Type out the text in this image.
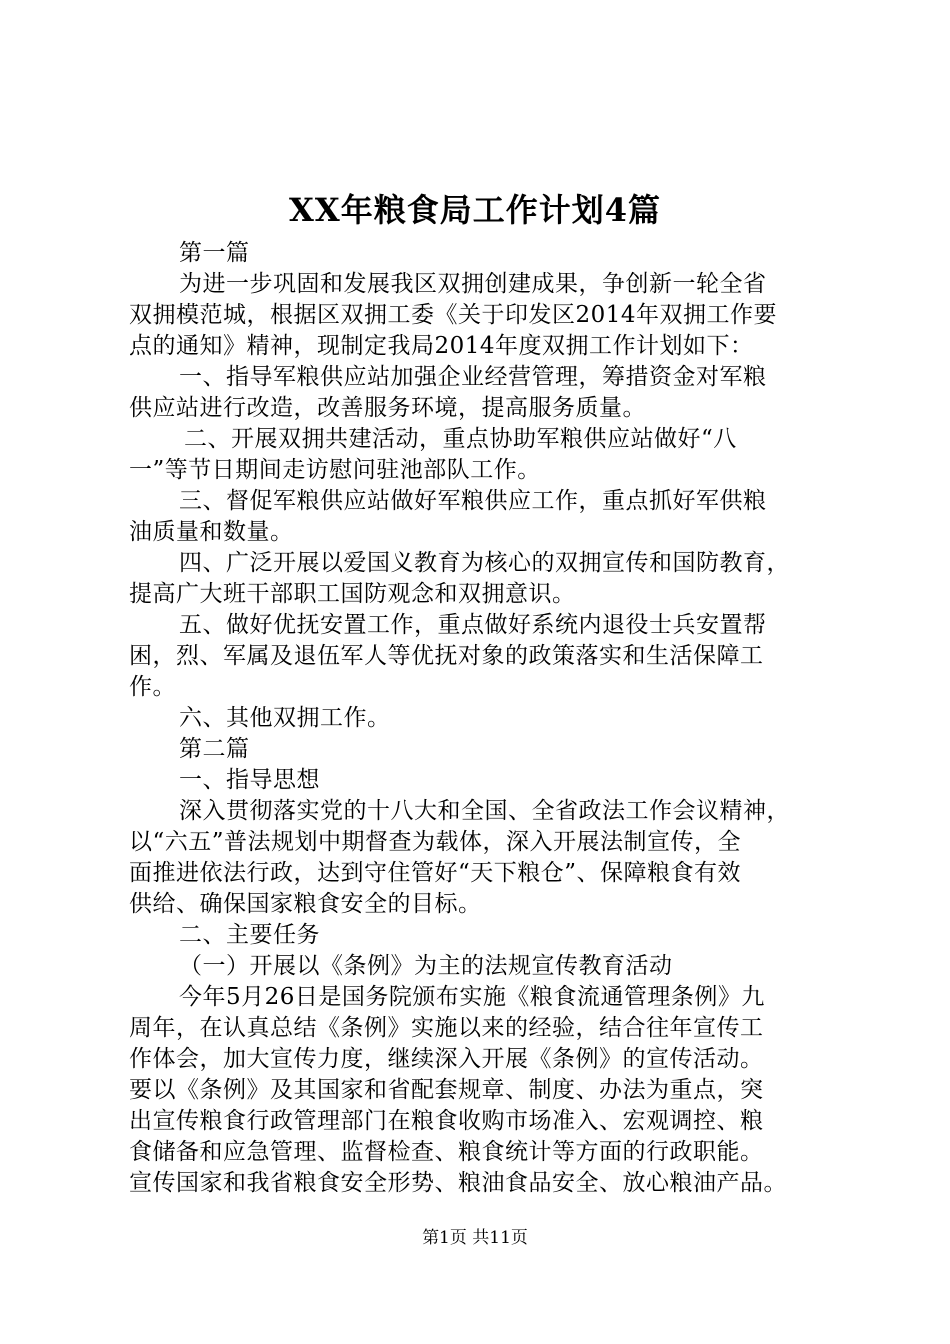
XX年粮食局工作计划4篇
第一篇
为进一步巩固和发展我区双拥创建成果，争创新一轮全省
双拥模范城，根据区双拥工委《关于印发区2014年双拥工作要
点的通知》精神，现制定我局2014年度双拥工作计划如下：
一、指导军粮供应站加强企业经营管理，筹措资金对军粮
供应站进行改造，改善服务环境，提高服务质量。
二、开展双拥共建活动，重点协助军粮供应站做好“八
一”等节日期间走访慰问驻池部队工作。
三、督促军粮供应站做好军粮供应工作，重点抓好军供粮
油质量和数量。
四、广泛开展以爱国义教育为核心的双拥宣传和国防教育，
提高广大班干部职工国防观念和双拥意识。
五、做好优抚安置工作，重点做好系统内退役士兵安置帮
困，烈、军属及退伍军人等优抚对象的政策落实和生活保障工
作。
六、其他双拥工作。
第二篇
一、指导思想
深入贯彻落实党的十八大和全国、全省政法工作会议精神，
以“六五”普法规划中期督查为载体，深入开展法制宣传，全
面推进依法行政，达到守住管好“天下粮仓”、保障粮食有效
供给、确保国家粮食安全的目标。
二、主要任务
（一）开展以《条例》为主的法规宣传教育活动
今年5月26日是国务院颁布实施《粮食流通管理条例》九
周年，在认真总结《条例》实施以来的经验，结合往年宣传工
作体会，加大宣传力度，继续深入开展《条例》的宣传活动。
要以《条例》及其国家和省配套规章、制度、办法为重点，突
出宣传粮食行政管理部门在粮食收购市场准入、宏观调控、粮
食储备和应急管理、监督检查、粮食统计等方面的行政职能。
宣传国家和我省粮食安全形势、粮油食品安全、放心粮油产品。
第1页 共11页
